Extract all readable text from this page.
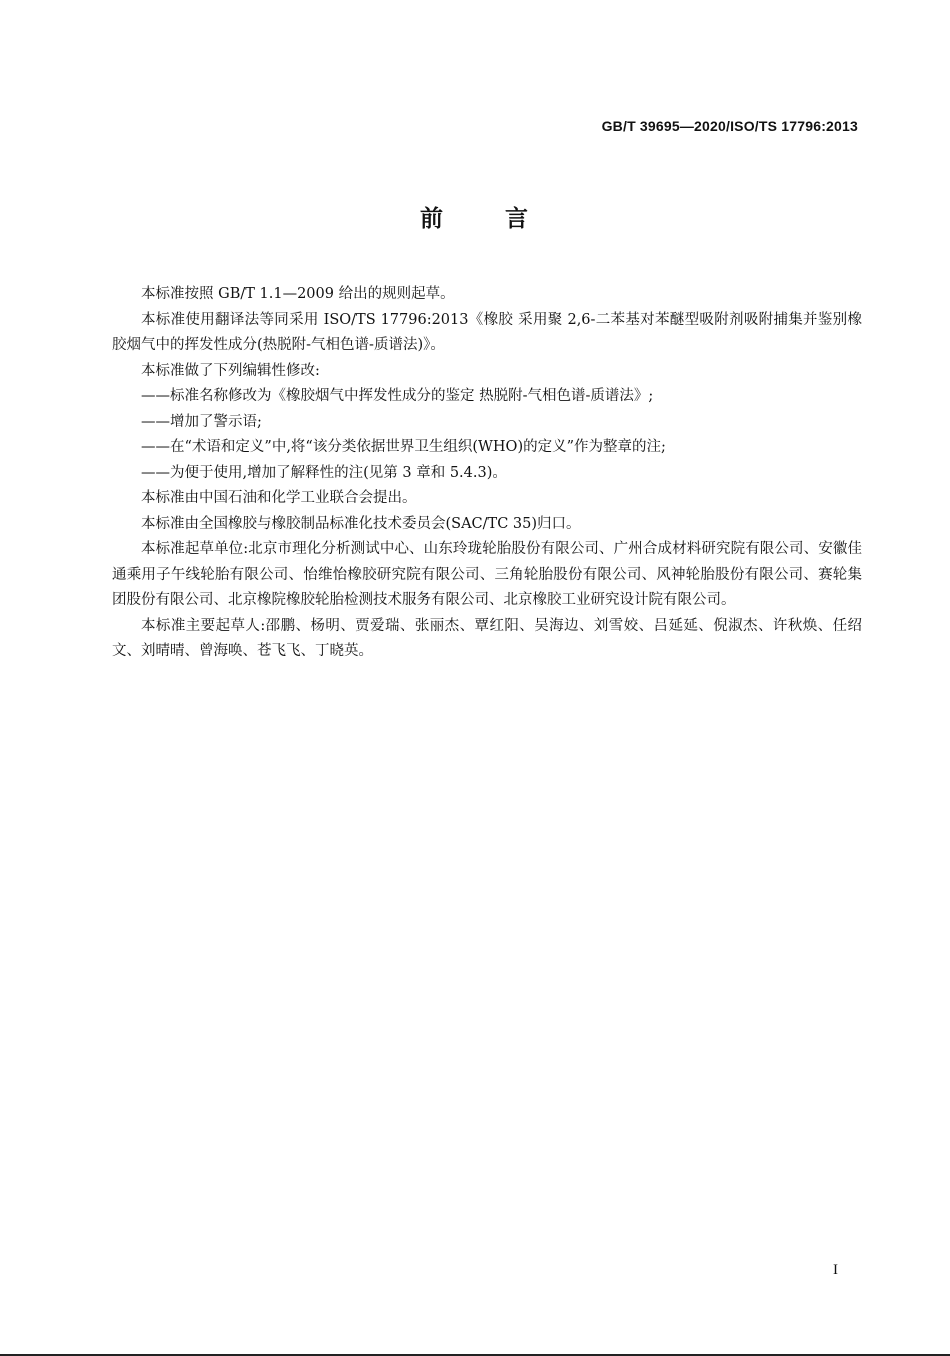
GB/T 39695—2020/ISO/TS 17796:2013
前	言

本标准按照 GB/T 1.1—2009 给出的规则起草。

本标准使用翻译法等同采用 ISO/TS 17796:2013《橡胶 采用聚 2,6-二苯基对苯醚型吸附剂吸附捕集并鉴别橡胶烟气中的挥发性成分(热脱附-气相色谱-质谱法)》。

本标准做了下列编辑性修改:

——标准名称修改为《橡胶烟气中挥发性成分的鉴定 热脱附-气相色谱-质谱法》;

——增加了警示语;

——在“术语和定义”中,将“该分类依据世界卫生组织(WHO)的定义”作为整章的注;

——为便于使用,增加了解释性的注(见第 3 章和 5.4.3)。

本标准由中国石油和化学工业联合会提出。

本标准由全国橡胶与橡胶制品标准化技术委员会(SAC/TC 35)归口。

本标准起草单位:北京市理化分析测试中心、山东玲珑轮胎股份有限公司、广州合成材料研究院有限公司、安徽佳通乘用子午线轮胎有限公司、怡维怡橡胶研究院有限公司、三角轮胎股份有限公司、风神轮胎股份有限公司、赛轮集团股份有限公司、北京橡院橡胶轮胎检测技术服务有限公司、北京橡胶工业研究设计院有限公司。

本标准主要起草人:邵鹏、杨明、贾爱瑞、张丽杰、覃红阳、吴海边、刘雪姣、吕延延、倪淑杰、许秋焕、任绍文、刘晴晴、曾海唤、苍飞飞、丁晓英。

I
